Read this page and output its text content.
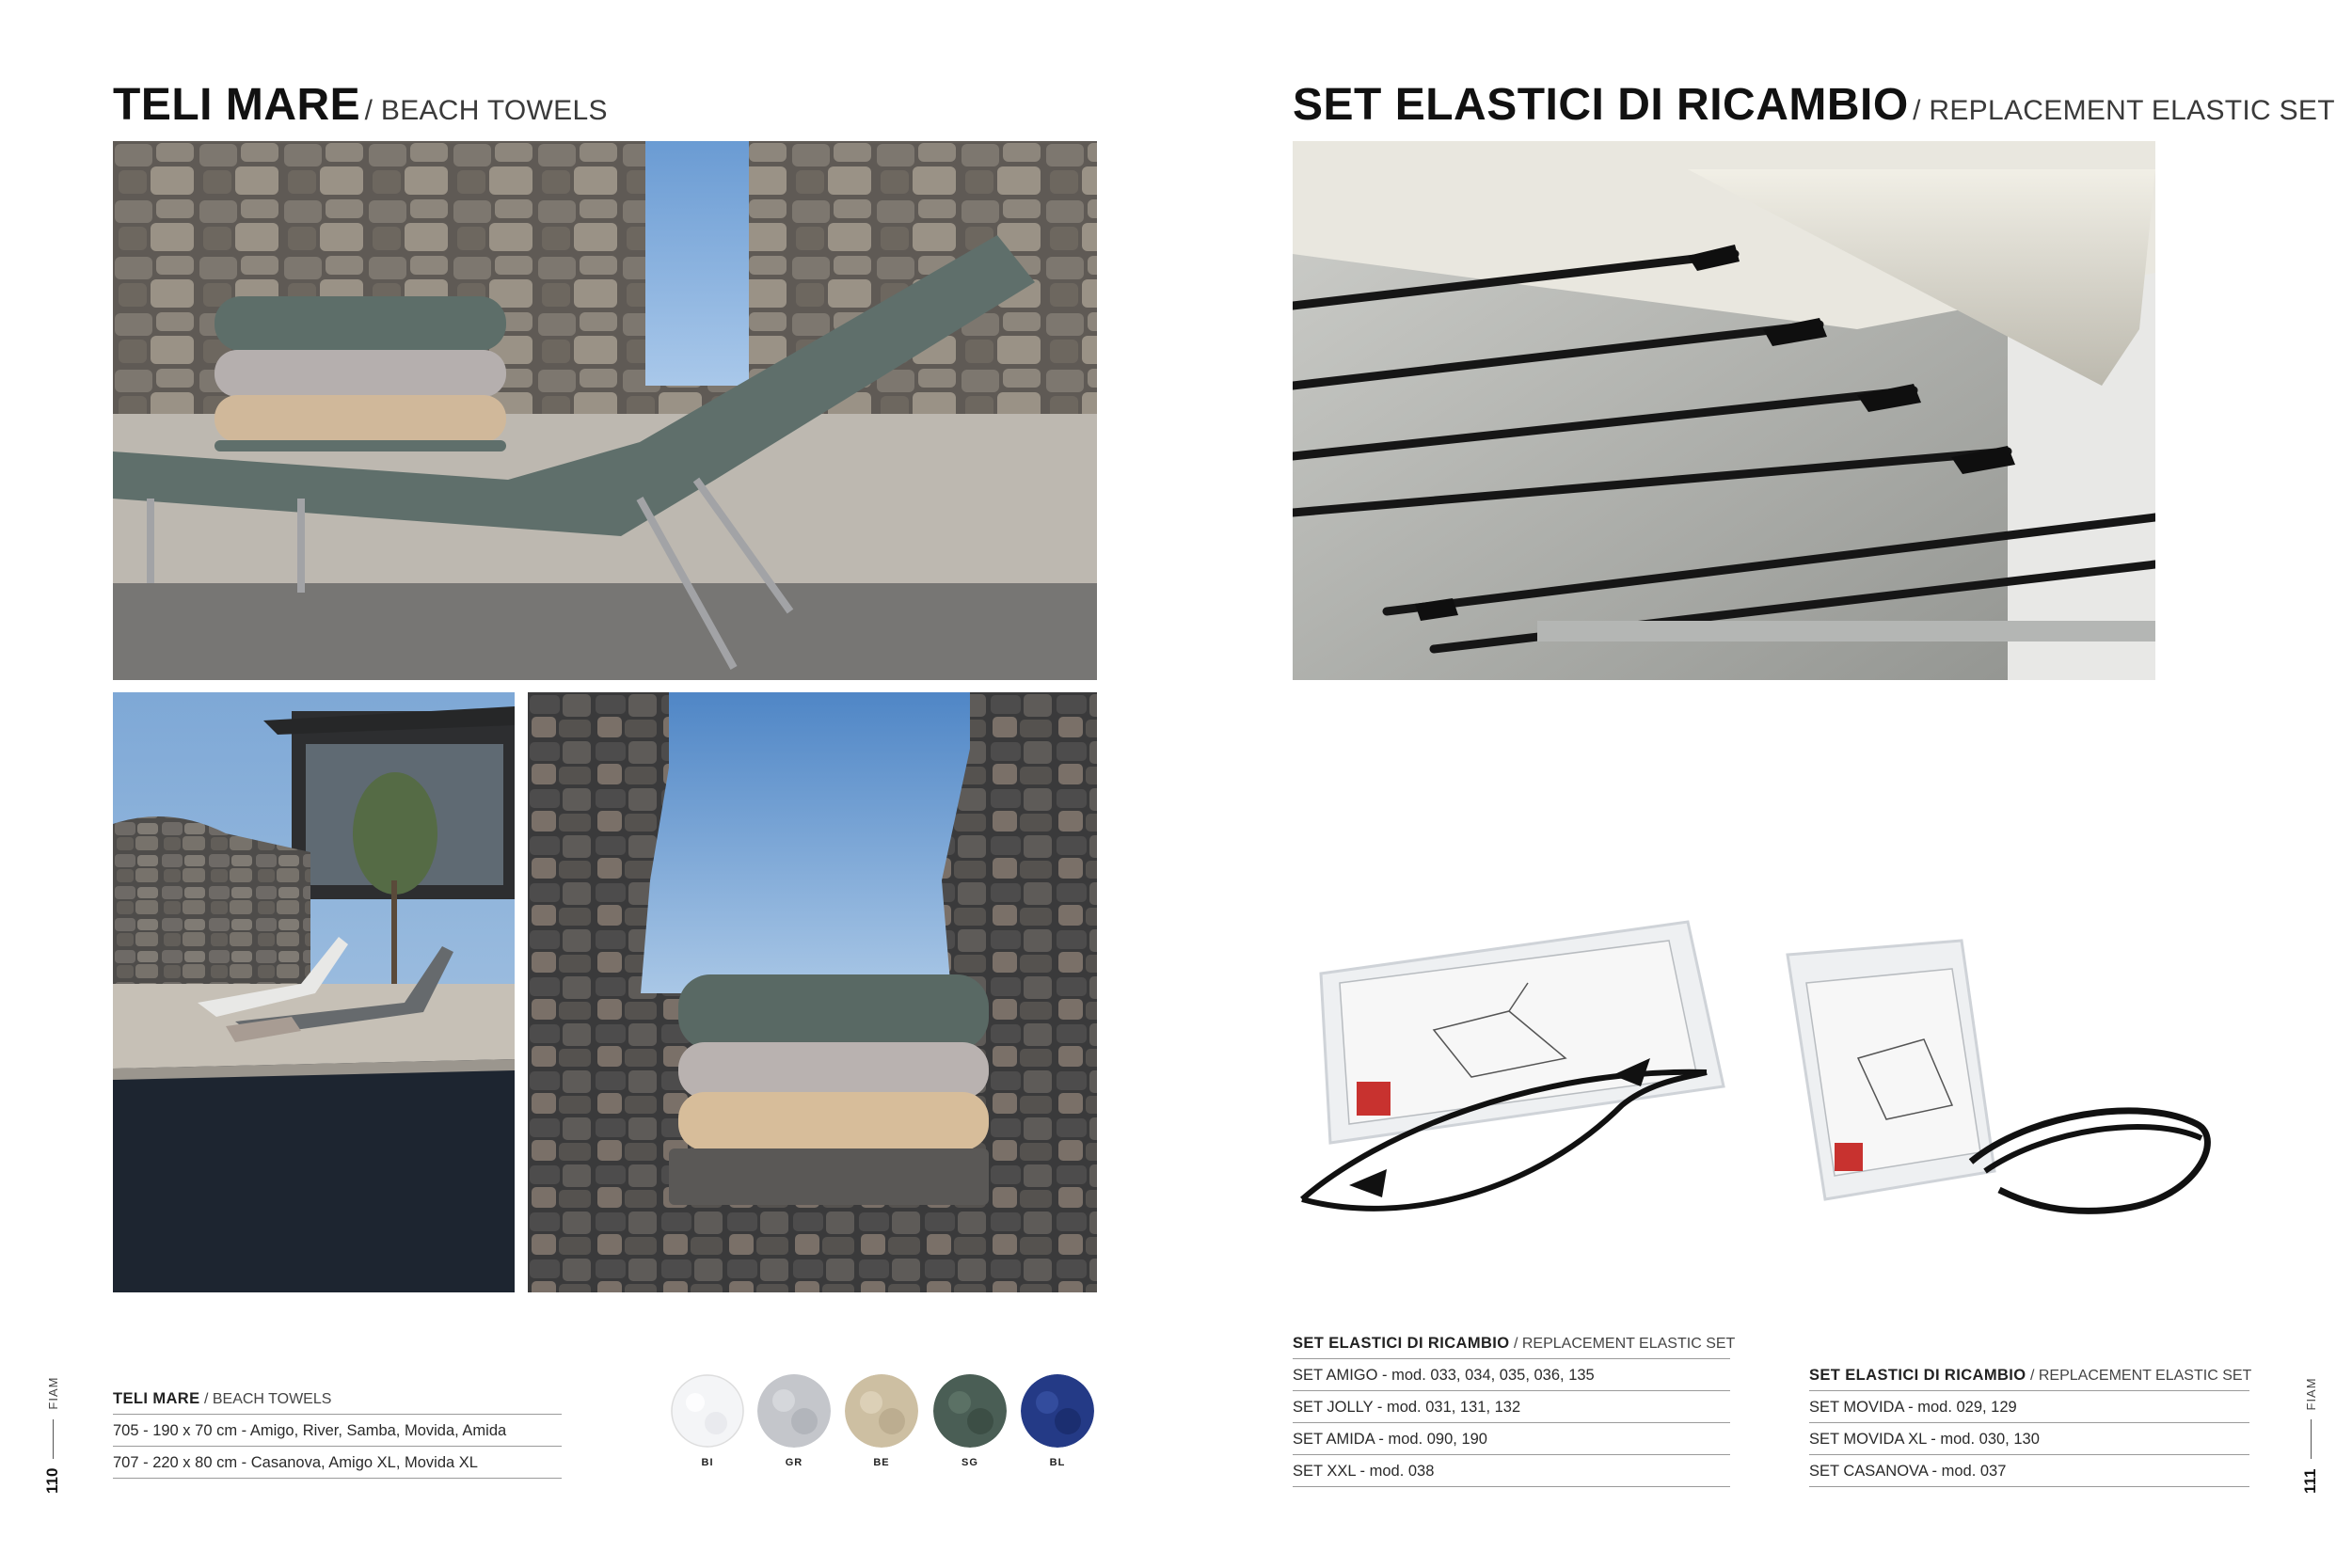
TELI MARE / BEACH TOWELS
TELI MARE / BEACH TOWELS
705 - 190 x 70 cm - Amigo, River, Samba, Movida, Amida
707 - 220 x 80 cm - Casanova, Amigo XL, Movida XL	BI	GR	BE	SG	BL
110
FIAM
SET ELASTICI DI RICAMBIO / REPLACEMENT ELASTIC SET
SET ELASTICI DI RICAMBIO / REPLACEMENT ELASTIC SET
SET AMIGO - mod. 033, 034, 035, 036, 135
SET JOLLY - mod. 031, 131, 132
SET AMIDA - mod. 090, 190
SET XXL - mod. 038
SET ELASTICI DI RICAMBIO / REPLACEMENT ELASTIC SET
SET MOVIDA - mod. 029, 129
SET MOVIDA XL - mod. 030, 130
SET CASANOVA - mod. 037	111
FIAM
